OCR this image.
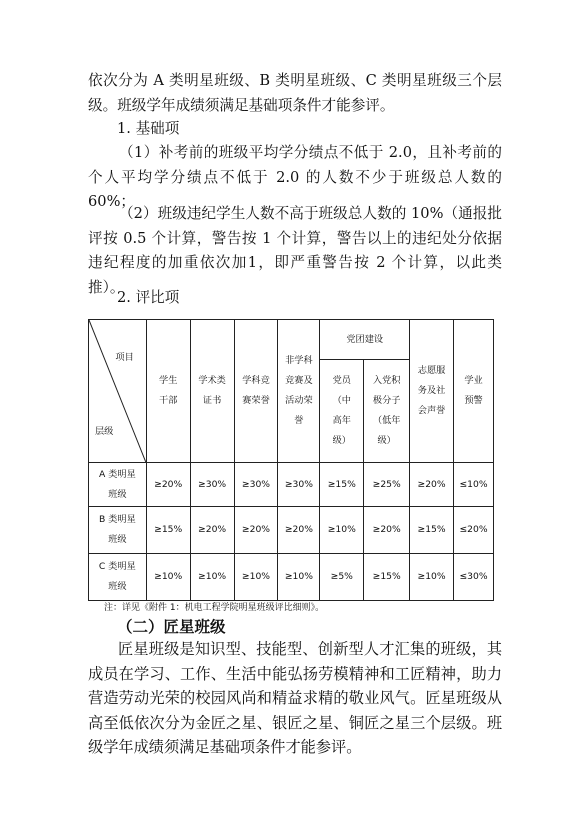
依次分为 A 类明星班级、B 类明星班级、C 类明星班级三个层级。班级学年成绩须满足基础项条件才能参评。
1. 基础项
（1）补考前的班级平均学分绩点不低于 2.0，且补考前的个人平均学分绩点不低于 2.0 的人数不少于班级总人数的 60%；
（2）班级违纪学生人数不高于班级总人数的 10%（通报批评按 0.5 个计算，警告按 1 个计算，警告以上的违纪处分依据违纪程度的加重依次加1，即严重警告按 2 个计算，以此类推）。
2. 评比项
项目
层级	学生干部	学术类证书	学科竞赛荣誉	非学科竞赛及活动荣誉	党团建设		志愿服务及社会声誉	学业预警

					党员（中高年级）	入党积极分子（低年级）		

A 类明星班级	≥20%	≥30%	≥30%	≥30%	≥15%	≥25%	≥20%	≤10%

B 类明星班级	≥15%	≥20%	≥20%	≥20%	≥10%	≥20%	≥15%	≤20%

C 类明星班级	≥10%	≥10%	≥10%	≥10%	≥5%	≥15%	≥10%	≤30%
注：详见《附件 1：机电工程学院明星班级评比细则》。
（二）匠星班级
匠星班级是知识型、技能型、创新型人才汇集的班级，其成员在学习、工作、生活中能弘扬劳模精神和工匠精神，助力营造劳动光荣的校园风尚和精益求精的敬业风气。匠星班级从高至低依次分为金匠之星、银匠之星、铜匠之星三个层级。班级学年成绩须满足基础项条件才能参评。
